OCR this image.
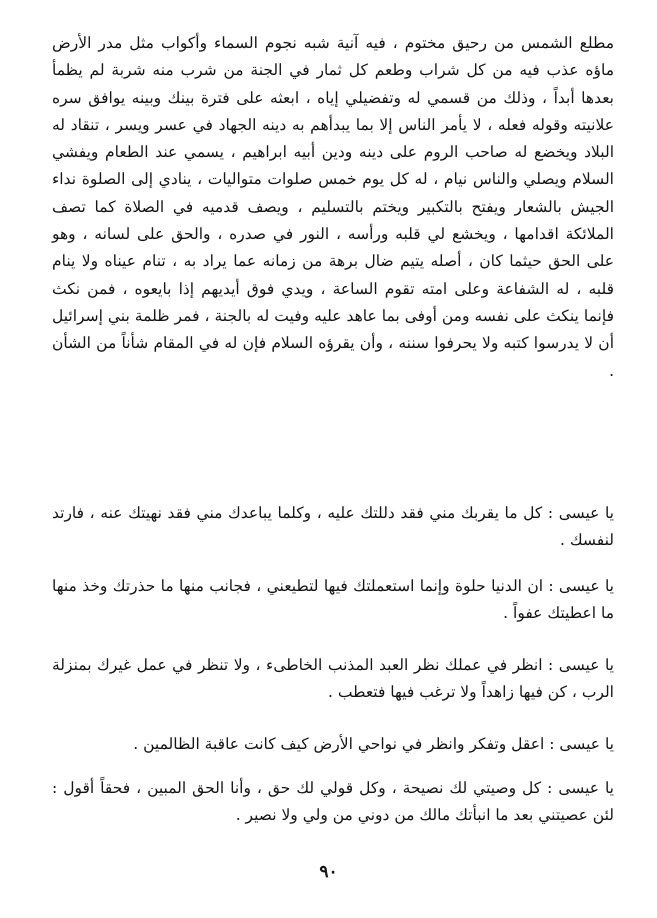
مطلع الشمس من رحيق مختوم ، فيه آنية شبه نجوم السماء وأكواب مثل مدر الأرض ماؤه عذب فيه من كل شراب وطعم كل ثمار في الجنة من شرب منه شربة لم يظمأ بعدها أبداً ، وذلك من قسمي له وتفضيلي إياه ، ابعثه على فترة بينك وبينه يوافق سره علانيته وقوله فعله ، لا يأمر الناس إلا بما يبدأهم به دينه الجهاد في عسر ويسر ، تنقاد له البلاد ويخضع له صاحب الروم على دينه ودين أبيه ابراهيم ، يسمي عند الطعام ويفشي السلام ويصلي والناس نيام ، له كل يوم خمس صلوات متواليات ، ينادي إلى الصلوة نداء الجيش بالشعار ويفتح بالتكبير ويختم بالتسليم ، ويصف قدميه في الصلاة كما تصف الملائكة اقدامها ، ويخشع لي قلبه ورأسه ، النور في صدره ، والحق على لسانه ، وهو على الحق حيثما كان ، أصله يتيم ضال برهة من زمانه عما يراد به ، تنام عيناه ولا ينام قلبه ، له الشفاعة وعلى امته تقوم الساعة ، ويدي فوق أيديهم إذا بايعوه ، فمن نكث فإنما ينكث على نفسه ومن أوفى بما عاهد عليه وفيت له بالجنة ، فمر ظلمة بني إسرائيل أن لا يدرسوا كتبه ولا يحرفوا سننه ، وأن يقرؤه السلام فإن له في المقام شأناً من الشأن .

يا عيسى : كل ما يقربك مني فقد دللتك عليه ، وكلما يباعدك مني فقد نهيتك عنه ، فارتد لنفسك .

يا عيسى : ان الدنيا حلوة وإنما استعملتك فيها لتطيعني ، فجانب منها ما حذرتك وخذ منها ما اعطيتك عفواً .

يا عيسى : انظر في عملك نظر العبد المذنب الخاطىء ، ولا تنظر في عمل غيرك بمنزلة الرب ، كن فيها زاهداً ولا ترغب فيها فتعطب .

يا عيسى : اعقل وتفكر وانظر في نواحي الأرض كيف كانت عاقبة الظالمين .

يا عيسى : كل وصيتي لك نصيحة ، وكل قولي لك حق ، وأنا الحق المبين ، فحقاً أقول : لئن عصيتني بعد ما انبأتك مالك من دوني من ولي ولا نصير .

٩٠
